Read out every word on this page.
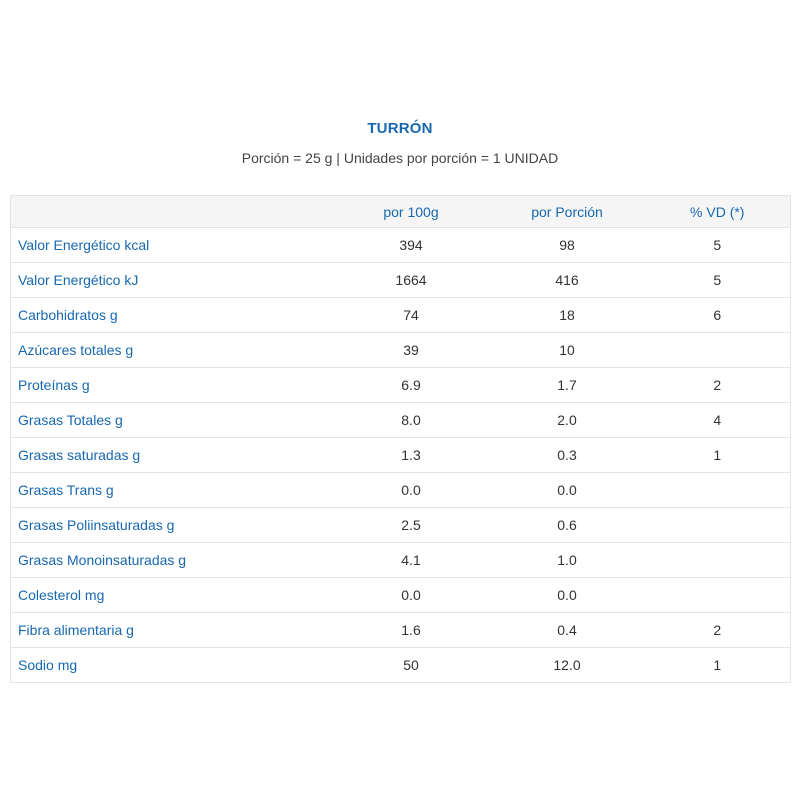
TURRÓN
Porción = 25 g | Unidades por porción = 1 UNIDAD
	por 100g	por Porción	% VD (*)
Valor Energético kcal	394	98	5
Valor Energético kJ	1664	416	5
Carbohidratos g	74	18	6
Azúcares totales g	39	10	
Proteínas g	6.9	1.7	2
Grasas Totales g	8.0	2.0	4
Grasas saturadas g	1.3	0.3	1
Grasas Trans g	0.0	0.0	
Grasas Poliinsaturadas g	2.5	0.6	
Grasas Monoinsaturadas g	4.1	1.0	
Colesterol mg	0.0	0.0	
Fibra alimentaria g	1.6	0.4	2
Sodio mg	50	12.0	1
